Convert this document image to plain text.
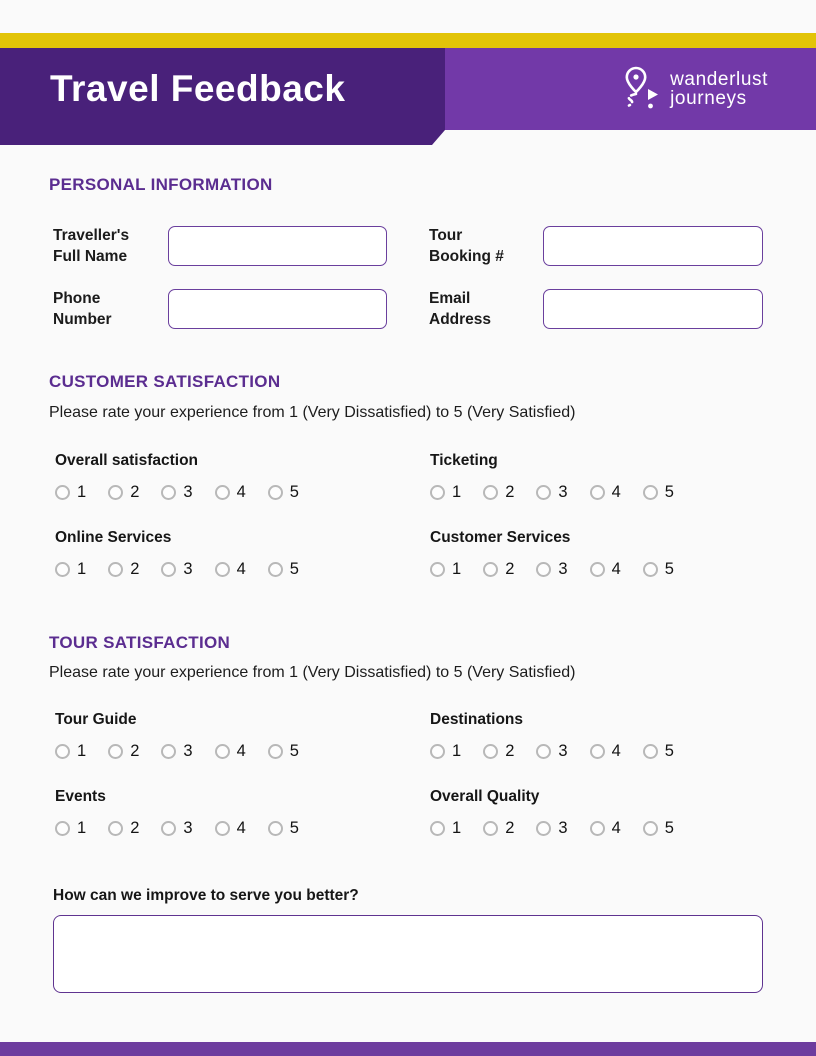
Travel Feedback	wanderlust
journeys
PERSONAL INFORMATION
Traveller's
Full Name
Tour
Booking #
Phone
Number
Email
Address
CUSTOMER SATISFACTION
Please rate your experience from 1 (Very Dissatisfied) to 5 (Very Satisfied)
Overall satisfaction
1	2	3	4	5
Ticketing
1	2	3	4	5
Online Services
1	2	3	4	5
Customer Services
1	2	3	4	5
TOUR SATISFACTION
Please rate your experience from 1 (Very Dissatisfied) to 5 (Very Satisfied)
Tour Guide
1	2	3	4	5
Destinations
1	2	3	4	5
Events
1	2	3	4	5
Overall Quality
1	2	3	4	5
How can we improve to serve you better?
